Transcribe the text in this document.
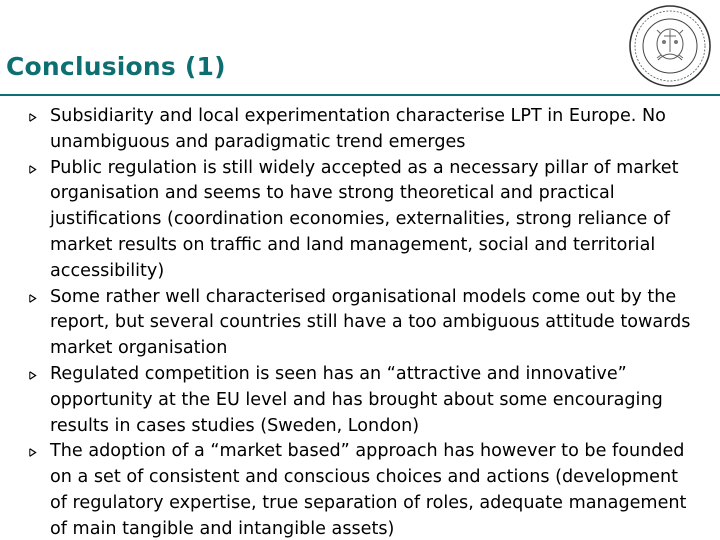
Conclusions (1)
Subsidiarity and local experimentation characterise LPT in Europe. No unambiguous and paradigmatic trend emerges
Public regulation is still widely accepted as a necessary pillar of market organisation and seems to have strong theoretical and practical justifications (coordination economies, externalities, strong reliance of market results on traffic and land management, social and territorial accessibility)
Some rather well characterised organisational models come out by the report, but several countries still have a too ambiguous attitude towards market organisation
Regulated competition is seen has an “attractive and innovative” opportunity at the EU level and has brought about some encouraging results in cases studies (Sweden, London)
The adoption of a “market based” approach has however to be founded on a set of consistent and conscious choices and actions (development of regulatory expertise, true separation of roles, adequate management of main tangible and intangible assets)
